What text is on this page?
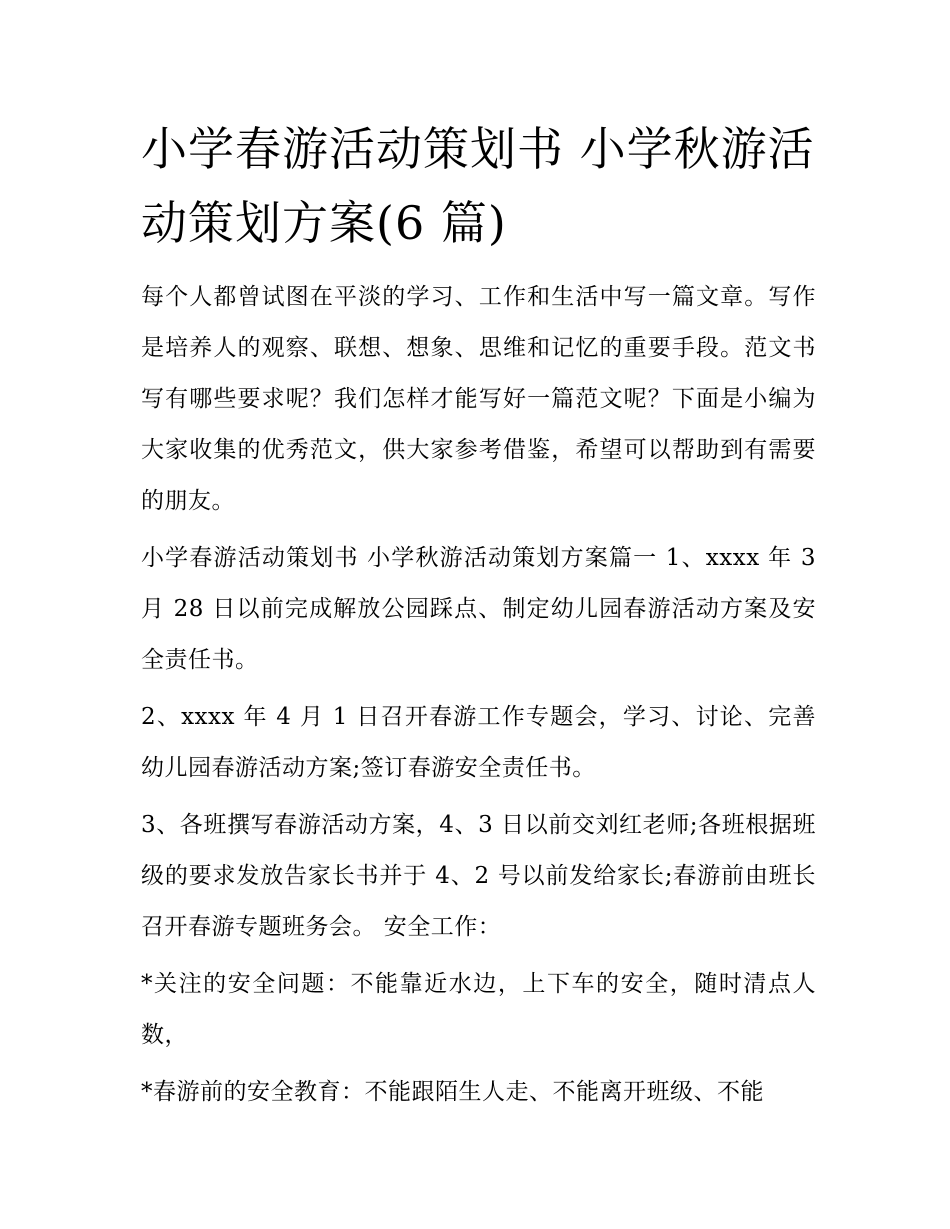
小学春游活动策划书 小学秋游活动策划方案(6 篇)

每个人都曾试图在平淡的学习、工作和生活中写一篇文章。写作是培养人的观察、联想、想象、思维和记忆的重要手段。范文书写有哪些要求呢？我们怎样才能写好一篇范文呢？下面是小编为大家收集的优秀范文，供大家参考借鉴，希望可以帮助到有需要的朋友。

小学春游活动策划书 小学秋游活动策划方案篇一 1、xxxx 年 3 月 28 日以前完成解放公园踩点、制定幼儿园春游活动方案及安全责任书。

2、xxxx 年 4 月 1 日召开春游工作专题会，学习、讨论、完善幼儿园春游活动方案;签订春游安全责任书。

3、各班撰写春游活动方案，4、3 日以前交刘红老师;各班根据班级的要求发放告家长书并于 4、2 号以前发给家长;春游前由班长召开春游专题班务会。 安全工作：

*关注的安全问题：不能靠近水边，上下车的安全，随时清点人数，

*春游前的安全教育：不能跟陌生人走、不能离开班级、不能
